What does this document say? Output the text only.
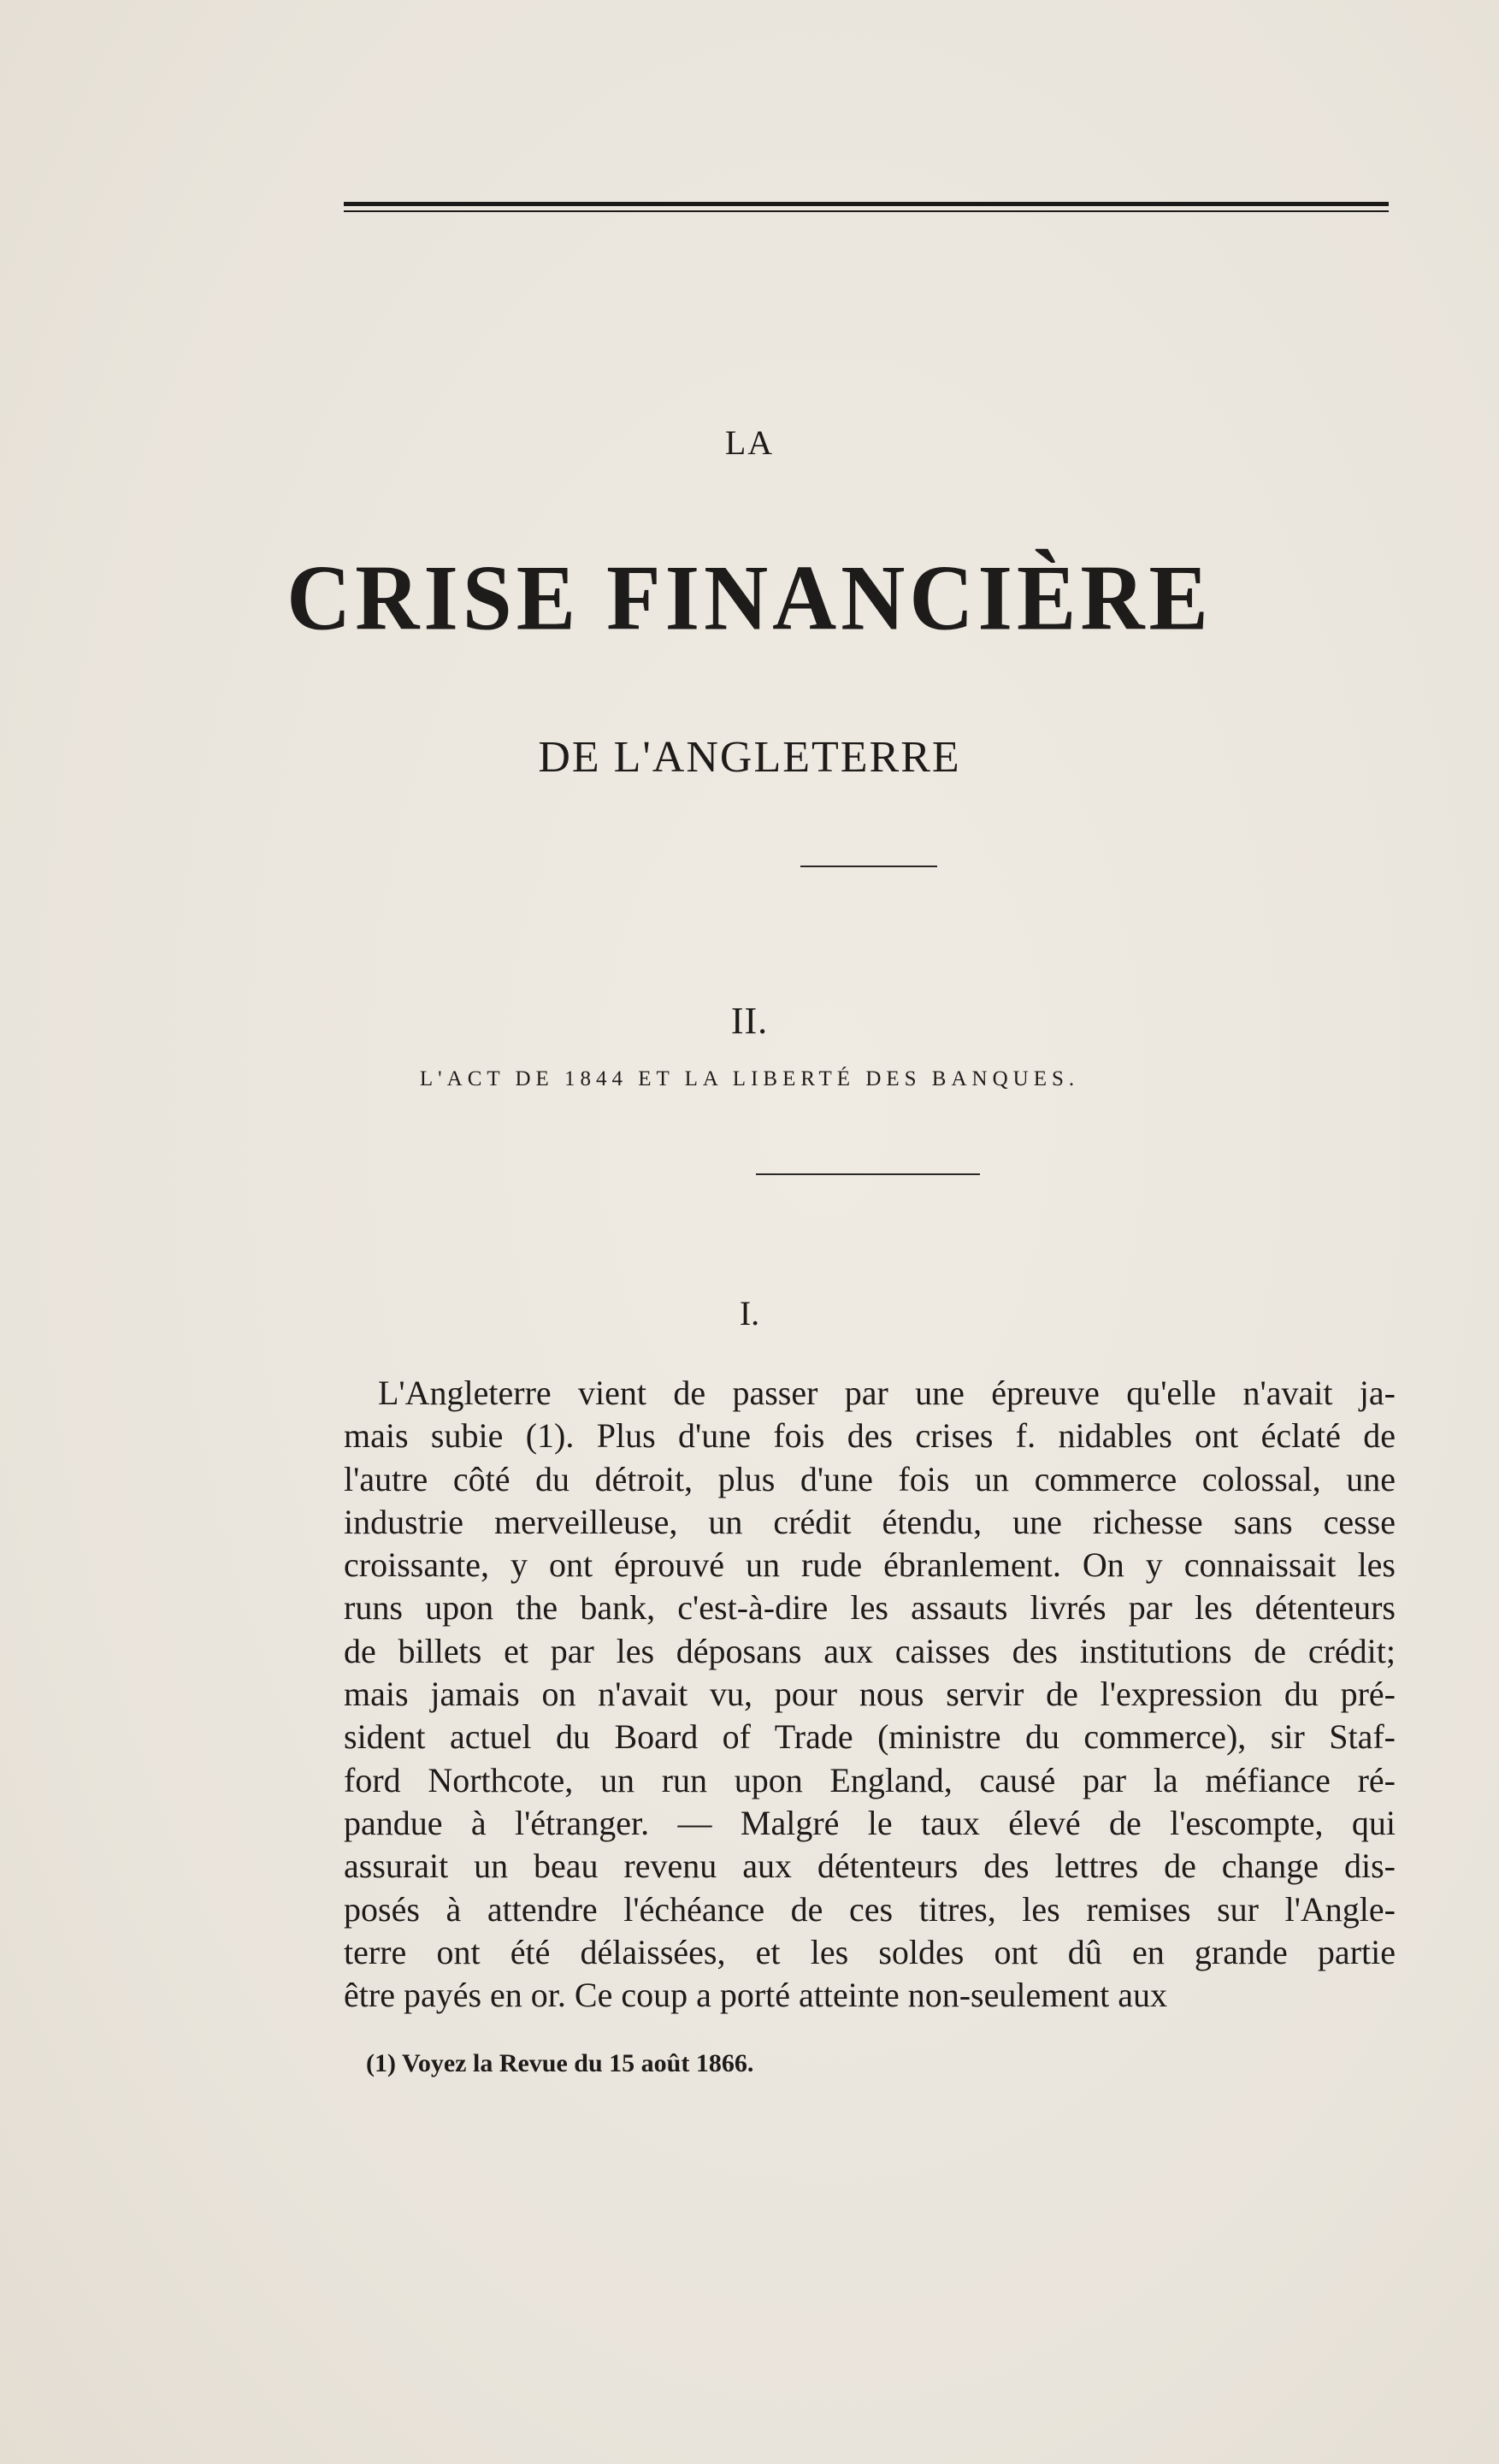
LA
CRISE FINANCIÈRE
DE L'ANGLETERRE
II.
L'ACT DE 1844 ET LA LIBERTÉ DES BANQUES.
I.
L'Angleterre vient de passer par une épreuve qu'elle n'avait ja-
mais subie (1). Plus d'une fois des crises f. nidables ont éclaté de
l'autre côté du détroit, plus d'une fois un commerce colossal, une
industrie merveilleuse, un crédit étendu, une richesse sans cesse
croissante, y ont éprouvé un rude ébranlement. On y connaissait les
runs upon the bank, c'est-à-dire les assauts livrés par les détenteurs
de billets et par les déposans aux caisses des institutions de crédit;
mais jamais on n'avait vu, pour nous servir de l'expression du pré-
sident actuel du Board of Trade (ministre du commerce), sir Staf-
ford Northcote, un run upon England, causé par la méfiance ré-
pandue à l'étranger. — Malgré le taux élevé de l'escompte, qui
assurait un beau revenu aux détenteurs des lettres de change dis-
posés à attendre l'échéance de ces titres, les remises sur l'Angle-
terre ont été délaissées, et les soldes ont dû en grande partie
être payés en or. Ce coup a porté atteinte non-seulement aux
(1) Voyez la Revue du 15 août 1866.
